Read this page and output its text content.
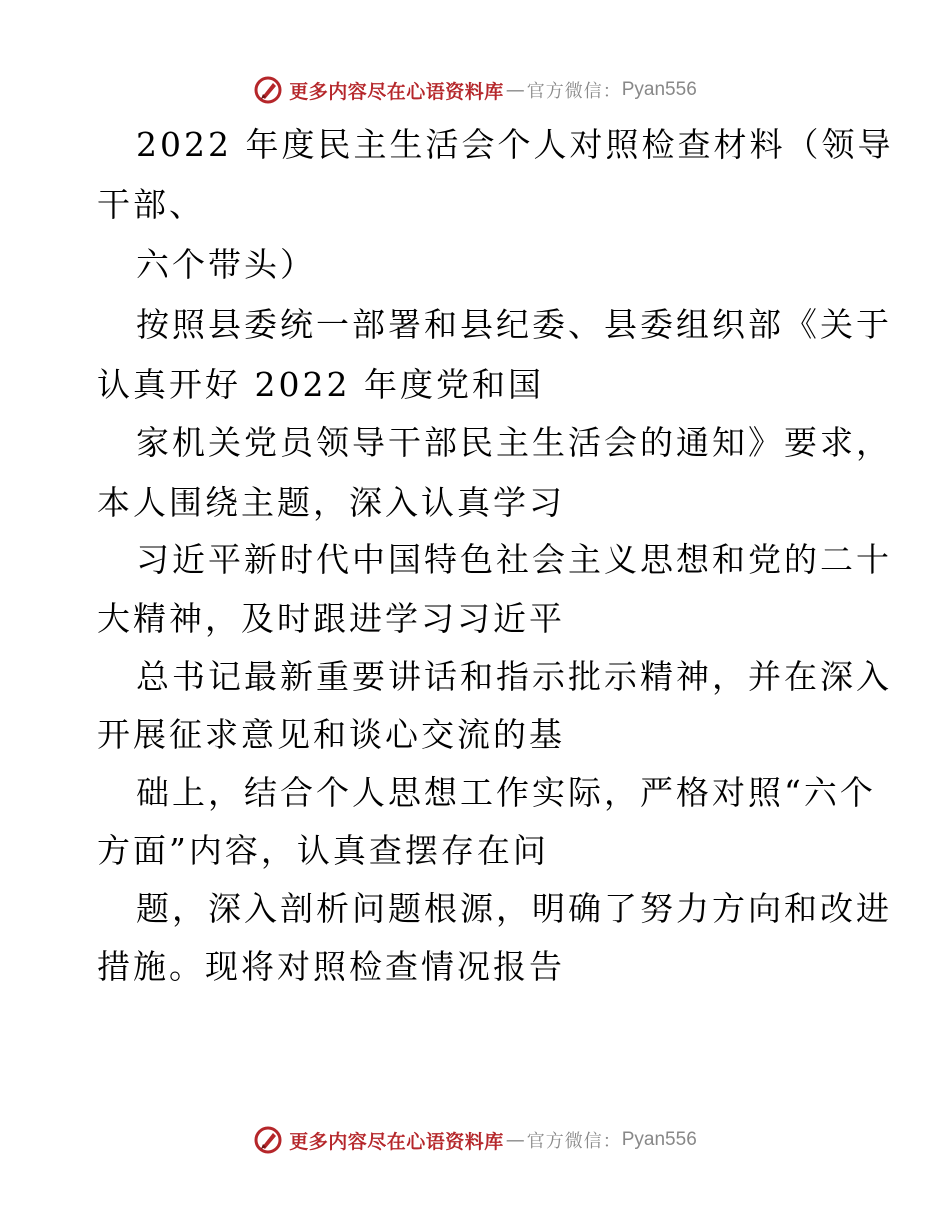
更多内容尽在心语资料库 — 官方微信： Pyan556
2022 年度民主生活会个人对照检查材料（领导
干部、
六个带头）
按照县委统一部署和县纪委、县委组织部《关于
认真开好 2022 年度党和国
家机关党员领导干部民主生活会的通知》要求，
本人围绕主题，深入认真学习
习近平新时代中国特色社会主义思想和党的二十
大精神，及时跟进学习习近平
总书记最新重要讲话和指示批示精神，并在深入
开展征求意见和谈心交流的基
础上，结合个人思想工作实际，严格对照“六个
方面”内容，认真查摆存在问
题，深入剖析问题根源，明确了努力方向和改进
措施。现将对照检查情况报告
更多内容尽在心语资料库 — 官方微信： Pyan556
